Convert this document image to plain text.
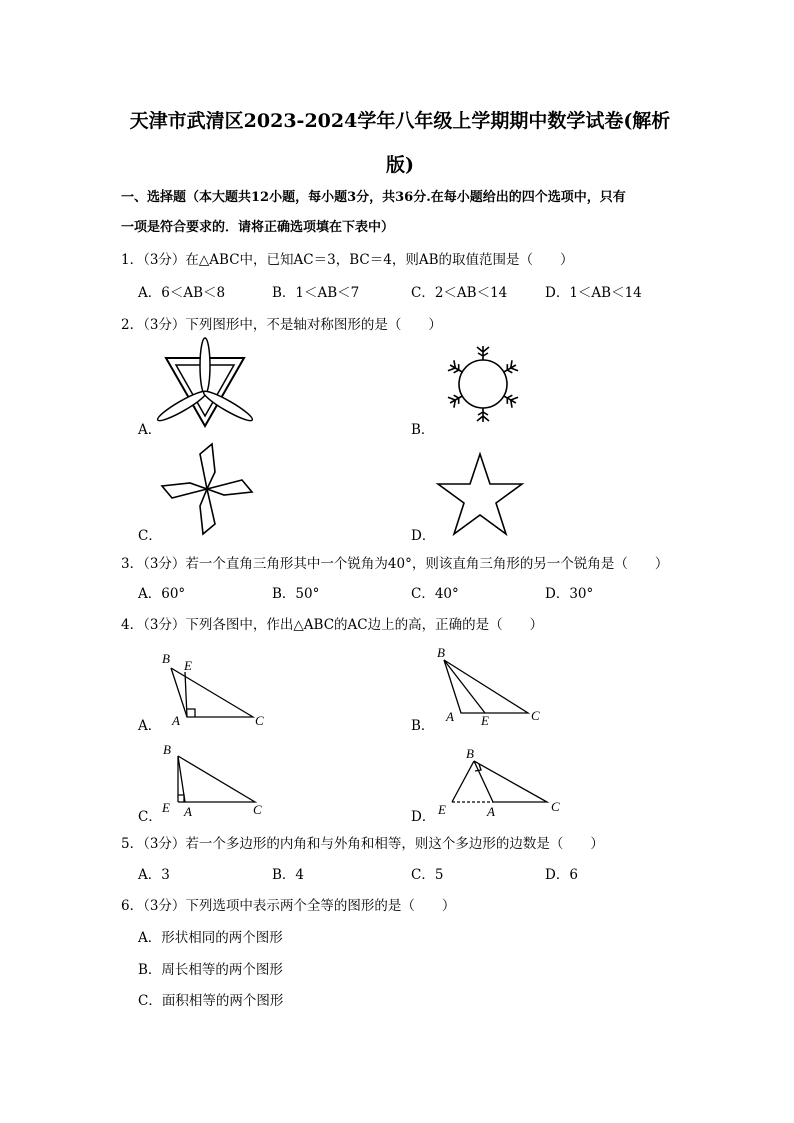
天津市武清区2023-2024学年八年级上学期期中数学试卷(解析
版)
一、选择题（本大题共12小题，每小题3分，共36分.在每小题给出的四个选项中，只有
一项是符合要求的．请将正确选项填在下表中）
1．（3分）在△ABC中，已知AC＝3，BC＝4，则AB的取值范围是（　　）
A．6＜AB＜8	B．1＜AB＜7	C．2＜AB＜14	D．1＜AB＜14
2．（3分）下列图形中，不是轴对称图形的是（　　）
A．	B．
C．	D．
3．（3分）若一个直角三角形其中一个锐角为40°，则该直角三角形的另一个锐角是（　　）
A．60°	B．50°	C．40°	D．30°
4．（3分）下列各图中，作出△ABC的AC边上的高，正确的是（　　）
B E
A	C
A．
B
A E	C
B．
B
E A	C
C．
B
E	A	C
D．
5．（3分）若一个多边形的内角和与外角和相等，则这个多边形的边数是（　　）
A．3	B．4	C．5	D．6
6．（3分）下列选项中表示两个全等的图形的是（　　）
A．形状相同的两个图形
B．周长相等的两个图形
C．面积相等的两个图形
